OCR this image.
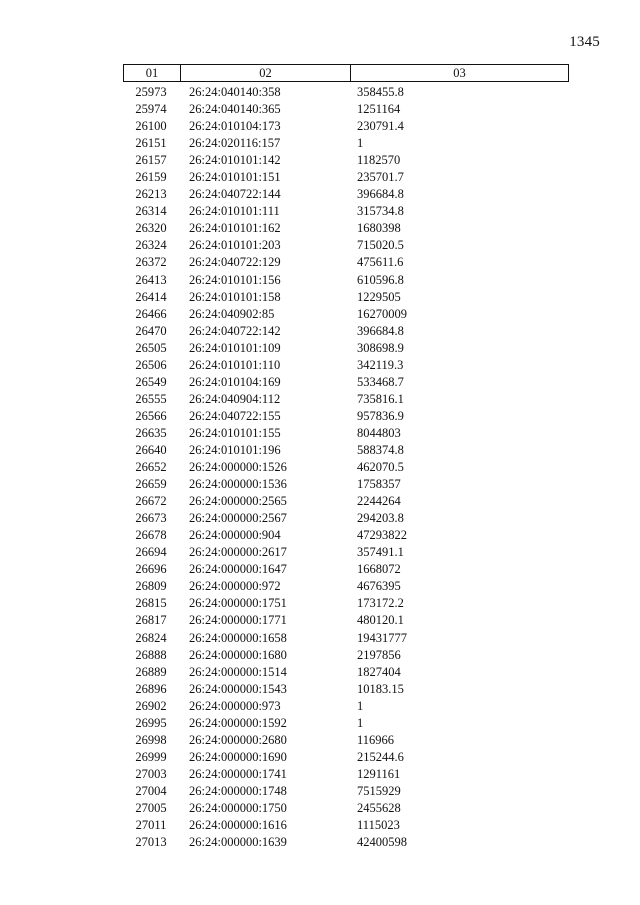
1345
01	02	03
25973	26:24:040140:358	358455.8
25974	26:24:040140:365	1251164
26100	26:24:010104:173	230791.4
26151	26:24:020116:157	1
26157	26:24:010101:142	1182570
26159	26:24:010101:151	235701.7
26213	26:24:040722:144	396684.8
26314	26:24:010101:111	315734.8
26320	26:24:010101:162	1680398
26324	26:24:010101:203	715020.5
26372	26:24:040722:129	475611.6
26413	26:24:010101:156	610596.8
26414	26:24:010101:158	1229505
26466	26:24:040902:85	16270009
26470	26:24:040722:142	396684.8
26505	26:24:010101:109	308698.9
26506	26:24:010101:110	342119.3
26549	26:24:010104:169	533468.7
26555	26:24:040904:112	735816.1
26566	26:24:040722:155	957836.9
26635	26:24:010101:155	8044803
26640	26:24:010101:196	588374.8
26652	26:24:000000:1526	462070.5
26659	26:24:000000:1536	1758357
26672	26:24:000000:2565	2244264
26673	26:24:000000:2567	294203.8
26678	26:24:000000:904	47293822
26694	26:24:000000:2617	357491.1
26696	26:24:000000:1647	1668072
26809	26:24:000000:972	4676395
26815	26:24:000000:1751	173172.2
26817	26:24:000000:1771	480120.1
26824	26:24:000000:1658	19431777
26888	26:24:000000:1680	2197856
26889	26:24:000000:1514	1827404
26896	26:24:000000:1543	10183.15
26902	26:24:000000:973	1
26995	26:24:000000:1592	1
26998	26:24:000000:2680	116966
26999	26:24:000000:1690	215244.6
27003	26:24:000000:1741	1291161
27004	26:24:000000:1748	7515929
27005	26:24:000000:1750	2455628
27011	26:24:000000:1616	1115023
27013	26:24:000000:1639	42400598
